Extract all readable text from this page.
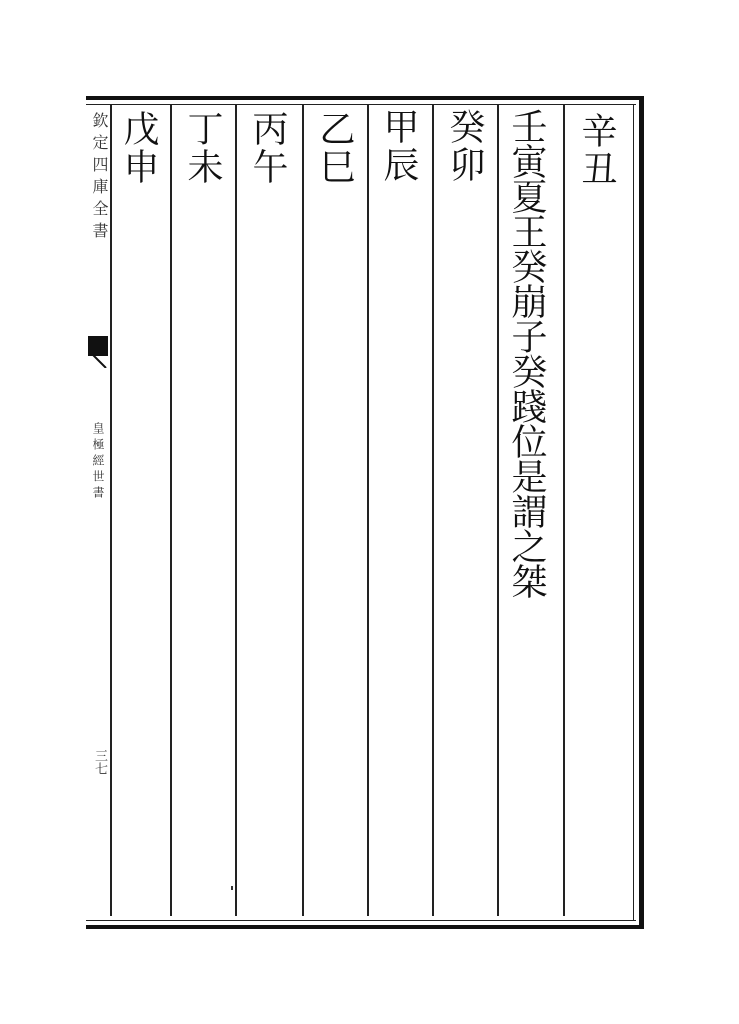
欽定四庫全書
皇極經世書
三七
辛丑
壬寅夏王癸崩子癸踐位是謂之桀
癸卯
甲辰
乙巳
丙午
丁未
戊申
